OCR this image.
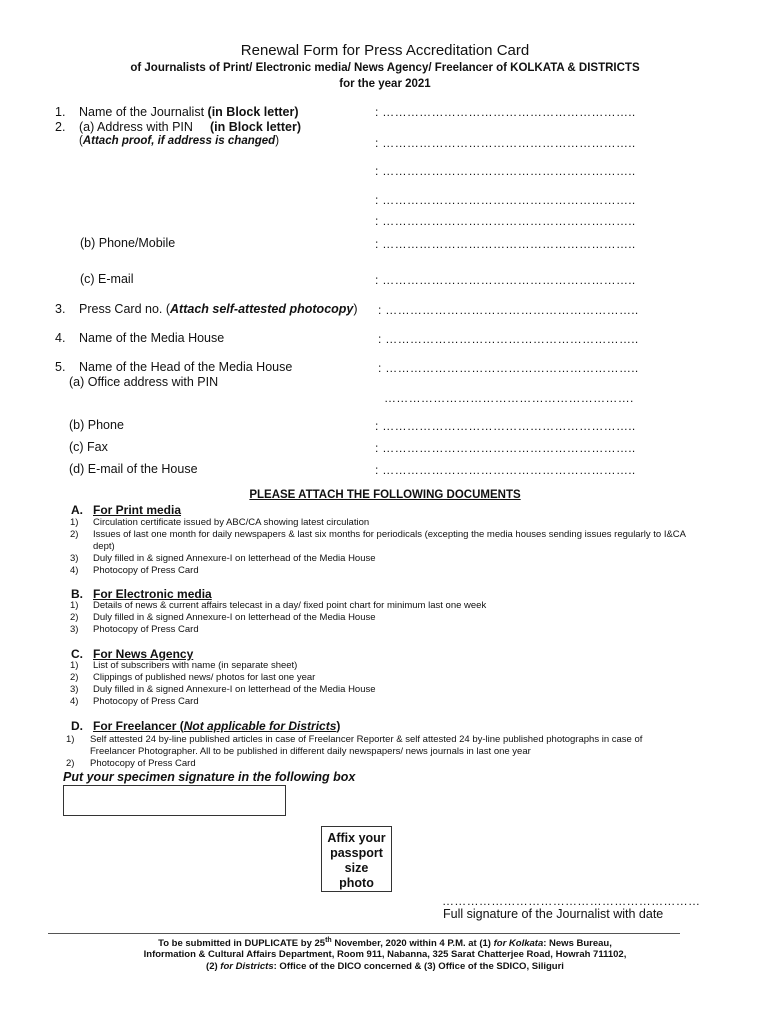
Renewal Form for Press Accreditation Card
of Journalists of Print/ Electronic media/ News Agency/ Freelancer of KOLKATA & DISTRICTS
for the year 2021
1. Name of the Journalist (in Block letter)	: ……………………………………………………..
2. (a) Address with PIN (in Block letter)
(Attach proof, if address is changed)	: ……………………………………………………..
: ……………………………………………………..
: ……………………………………………………..
: ……………………………………………………..
(b) Phone/Mobile	: ……………………………………………………..
(c) E-mail	: ……………………………………………………..
3. Press Card no. (Attach self-attested photocopy) : ……………………………………………………..
4. Name of the Media House	: ……………………………………………………..
5. Name of the Head of the Media House	: ……………………………………………………..
(a) Office address with PIN
…………………………………………………….
(b) Phone	: ……………………………………………………..
(c) Fax	: ……………………………………………………..
(d) E-mail of the House	: ……………………………………………………..
PLEASE ATTACH THE FOLLOWING DOCUMENTS
A. For Print media
1) Circulation certificate issued by ABC/CA showing latest circulation
2) Issues of last one month for daily newspapers & last six months for periodicals (excepting the media houses sending issues regularly to I&CA
dept)
3) Duly filled in & signed Annexure-I on letterhead of the Media House
4) Photocopy of Press Card
B. For Electronic media
1) Details of news & current affairs telecast in a day/ fixed point chart for minimum last one week
2) Duly filled in & signed Annexure-I on letterhead of the Media House
3) Photocopy of Press Card
C. For News Agency
1) List of subscribers with name (in separate sheet)
2) Clippings of published news/ photos for last one year
3) Duly filled in & signed Annexure-I on letterhead of the Media House
4) Photocopy of Press Card
D. For Freelancer (Not applicable for Districts)
1) Self attested 24 by-line published articles in case of Freelancer Reporter & self attested 24 by-line published photographs in case of
Freelancer Photographer. All to be published in different daily newspapers/ news journals in last one year
2) Photocopy of Press Card
Put your specimen signature in the following box
Affix your
passport
size
photo
………………………………………………………
Full signature of the Journalist with date
To be submitted in DUPLICATE by 25th November, 2020 within 4 P.M. at (1) for Kolkata: News Bureau,
Information & Cultural Affairs Department, Room 911, Nabanna, 325 Sarat Chatterjee Road, Howrah 711102,
(2) for Districts: Office of the DICO concerned & (3) Office of the SDICO, Siliguri
